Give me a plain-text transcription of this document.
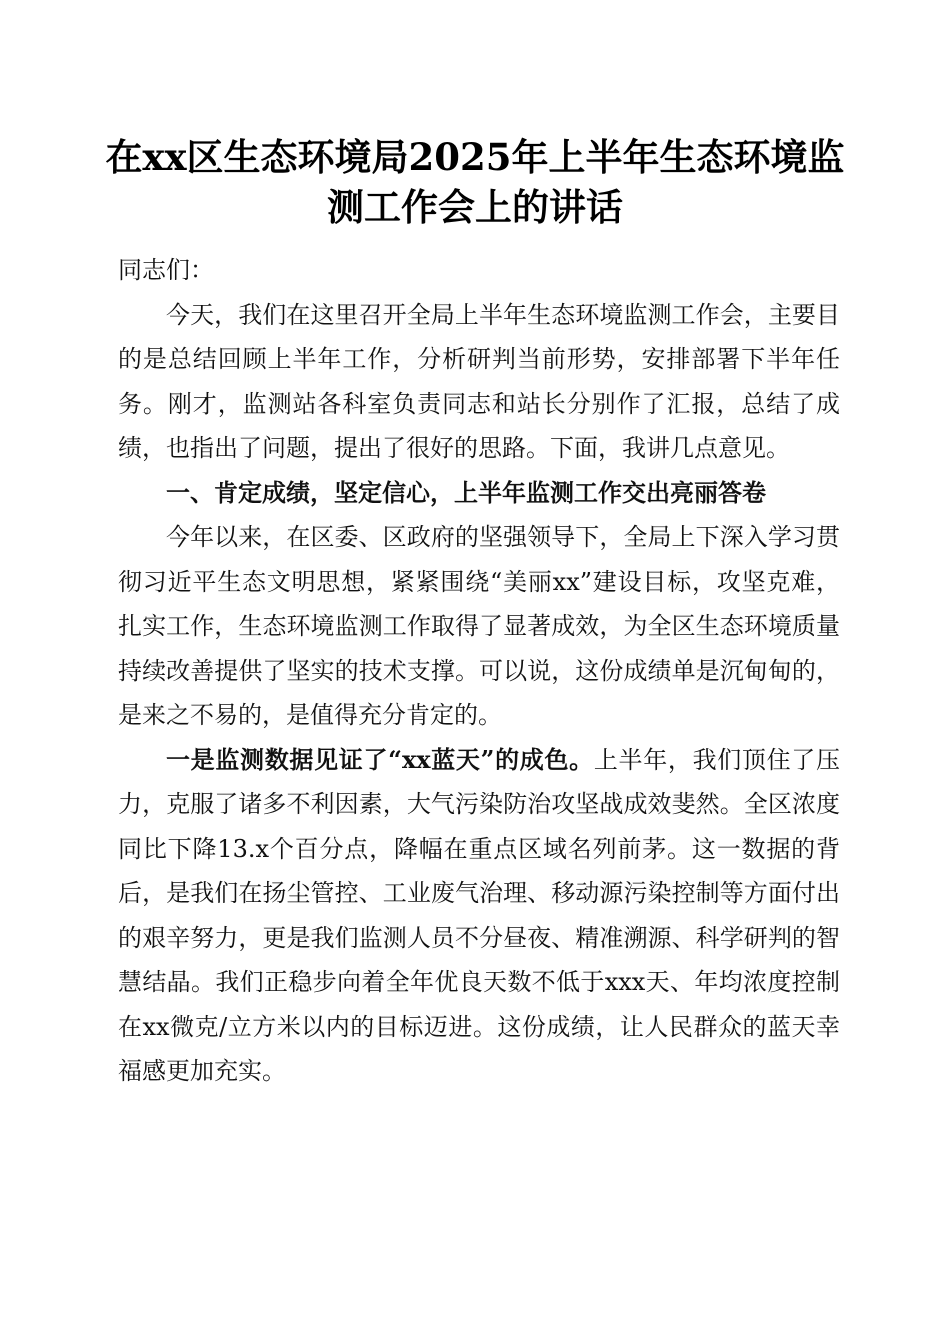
在xx区生态环境局2025年上半年生态环境监测工作会上的讲话

同志们：

今天，我们在这里召开全局上半年生态环境监测工作会，主要目的是总结回顾上半年工作，分析研判当前形势，安排部署下半年任务。刚才，监测站各科室负责同志和站长分别作了汇报，总结了成绩，也指出了问题，提出了很好的思路。下面，我讲几点意见。

一、肯定成绩，坚定信心，上半年监测工作交出亮丽答卷

今年以来，在区委、区政府的坚强领导下，全局上下深入学习贯彻习近平生态文明思想，紧紧围绕“美丽xx”建设目标，攻坚克难，扎实工作，生态环境监测工作取得了显著成效，为全区生态环境质量持续改善提供了坚实的技术支撑。可以说，这份成绩单是沉甸甸的，是来之不易的，是值得充分肯定的。

一是监测数据见证了“xx蓝天”的成色。上半年，我们顶住了压力，克服了诸多不利因素，大气污染防治攻坚战成效斐然。全区浓度同比下降13.x个百分点，降幅在重点区域名列前茅。这一数据的背后，是我们在扬尘管控、工业废气治理、移动源污染控制等方面付出的艰辛努力，更是我们监测人员不分昼夜、精准溯源、科学研判的智慧结晶。我们正稳步向着全年优良天数不低于xxx天、年均浓度控制在xx微克/立方米以内的目标迈进。这份成绩，让人民群众的蓝天幸福感更加充实。
